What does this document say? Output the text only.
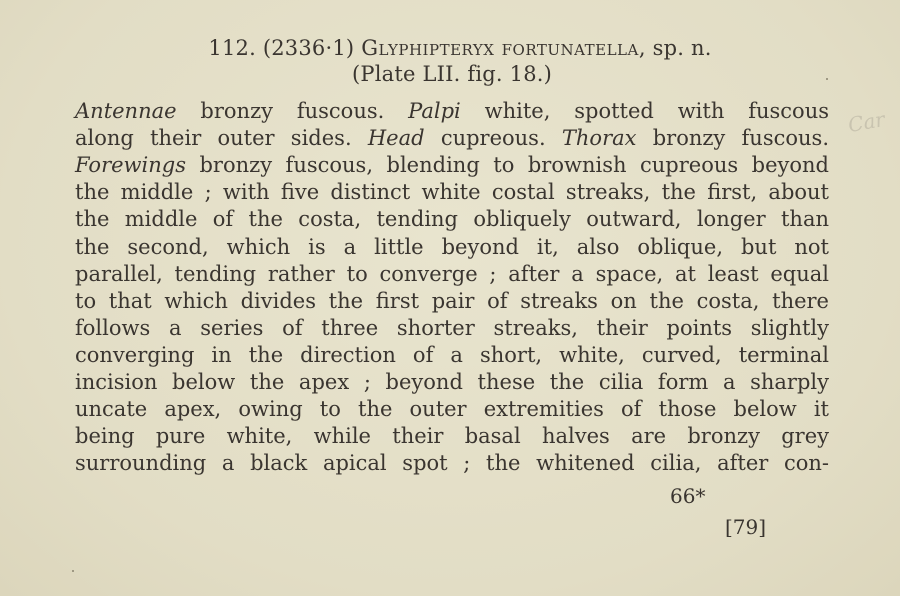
Car
112. (2336·1) Glyphipteryx fortunatella, sp. n.
(Plate LII. fig. 18.)
Antennae bronzy fuscous. Palpi white, spotted with fuscous
along their outer sides. Head cupreous. Thorax bronzy fuscous.
Forewings bronzy fuscous, blending to brownish cupreous beyond
the middle ; with five distinct white costal streaks, the first, about
the middle of the costa, tending obliquely outward, longer than
the second, which is a little beyond it, also oblique, but not
parallel, tending rather to converge ; after a space, at least equal
to that which divides the first pair of streaks on the costa, there
follows a series of three shorter streaks, their points slightly
converging in the direction of a short, white, curved, terminal
incision below the apex ; beyond these the cilia form a sharply
uncate apex, owing to the outer extremities of those below it
being pure white, while their basal halves are bronzy grey
surrounding a black apical spot ; the whitened cilia, after con-
66*
[79]
